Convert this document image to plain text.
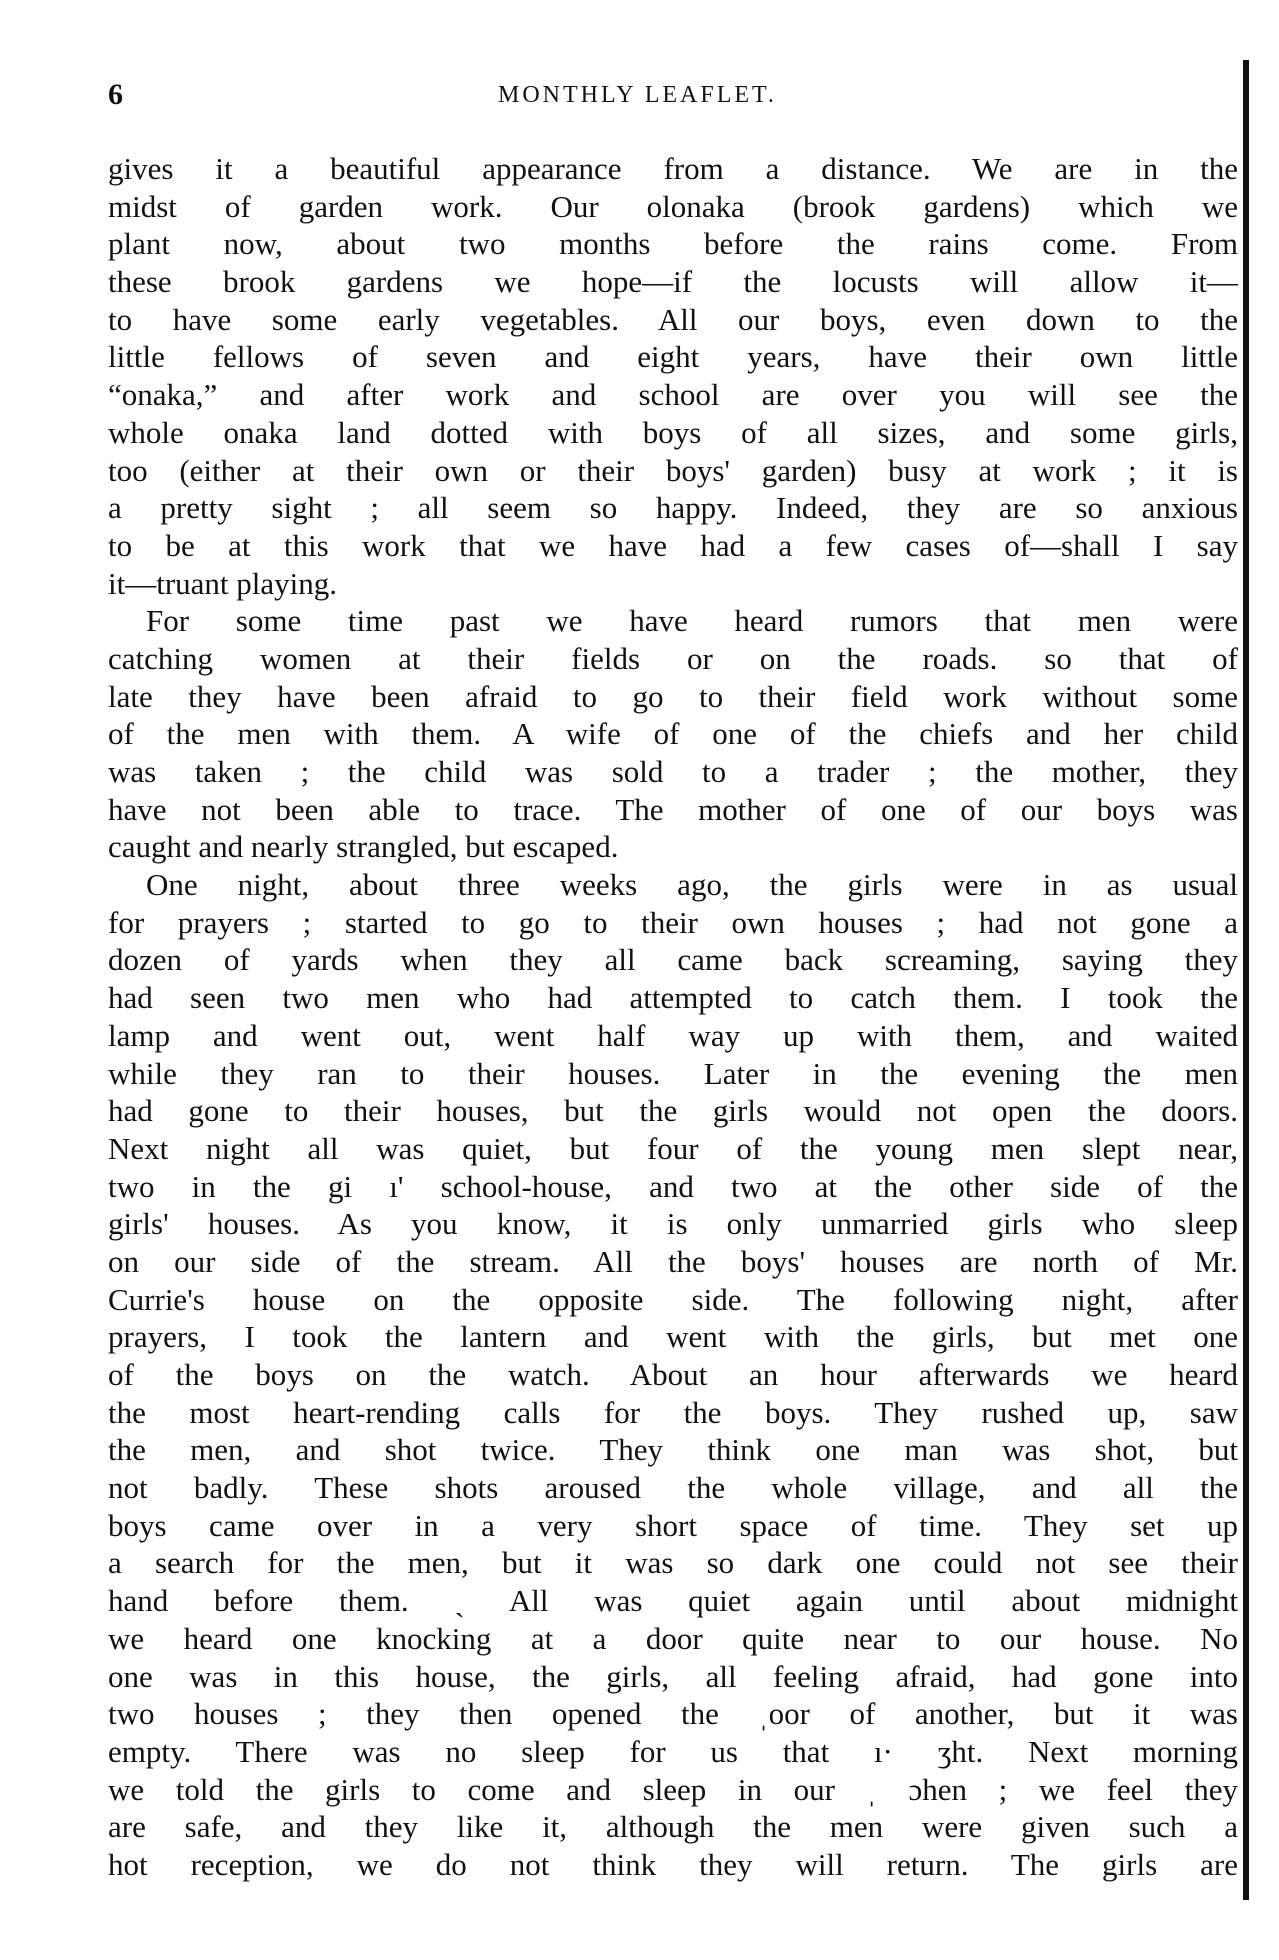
6	MONTHLY LEAFLET.
gives it a beautiful appearance from a distance. We are in the
midst of garden work. Our olonaka (brook gardens) which we
plant now, about two months before the rains come. From
these brook gardens we hope—if the locusts will allow it—
to have some early vegetables. All our boys, even down to the
little fellows of seven and eight years, have their own little
“onaka,” and after work and school are over you will see the
whole onaka land dotted with boys of all sizes, and some girls,
too (either at their own or their boys' garden) busy at work ; it is
a pretty sight ; all seem so happy. Indeed, they are so anxious
to be at this work that we have had a few cases of—shall I say
it—truant playing.
For some time past we have heard rumors that men were
catching women at their fields or on the roads. so that of
late they have been afraid to go to their field work without some
of the men with them. A wife of one of the chiefs and her child
was taken ; the child was sold to a trader ; the mother, they
have not been able to trace. The mother of one of our boys was
caught and nearly strangled, but escaped.
One night, about three weeks ago, the girls were in as usual
for prayers ; started to go to their own houses ; had not gone a
dozen of yards when they all came back screaming, saying they
had seen two men who had attempted to catch them. I took the
lamp and went out, went half way up with them, and waited
while they ran to their houses. Later in the evening the men
had gone to their houses, but the girls would not open the doors.
Next night all was quiet, but four of the young men slept near,
two in the gi ı' school-house, and two at the other side of the
girls' houses. As you know, it is only unmarried girls who sleep
on our side of the stream. All the boys' houses are north of Mr.
Currie's house on the opposite side. The following night, after
prayers, I took the lantern and went with the girls, but met one
of the boys on the watch. About an hour afterwards we heard
the most heart-rending calls for the boys. They rushed up, saw
the men, and shot twice. They think one man was shot, but
not badly. These shots aroused the whole village, and all the
boys came over in a very short space of time. They set up
a search for the men, but it was so dark one could not see their
hand before them. ˎ All was quiet again until about midnight
we heard one knocking at a door quite near to our house. No
one was in this house, the girls, all feeling afraid, had gone into
two houses ; they then opened the ˌoor of another, but it was
empty. There was no sleep for us that ı· ʒht. Next morning
we told the girls to come and sleep in our ˌ ɔhen ; we feel they
are safe, and they like it, although the men were given such a
hot reception, we do not think they will return. The girls are
